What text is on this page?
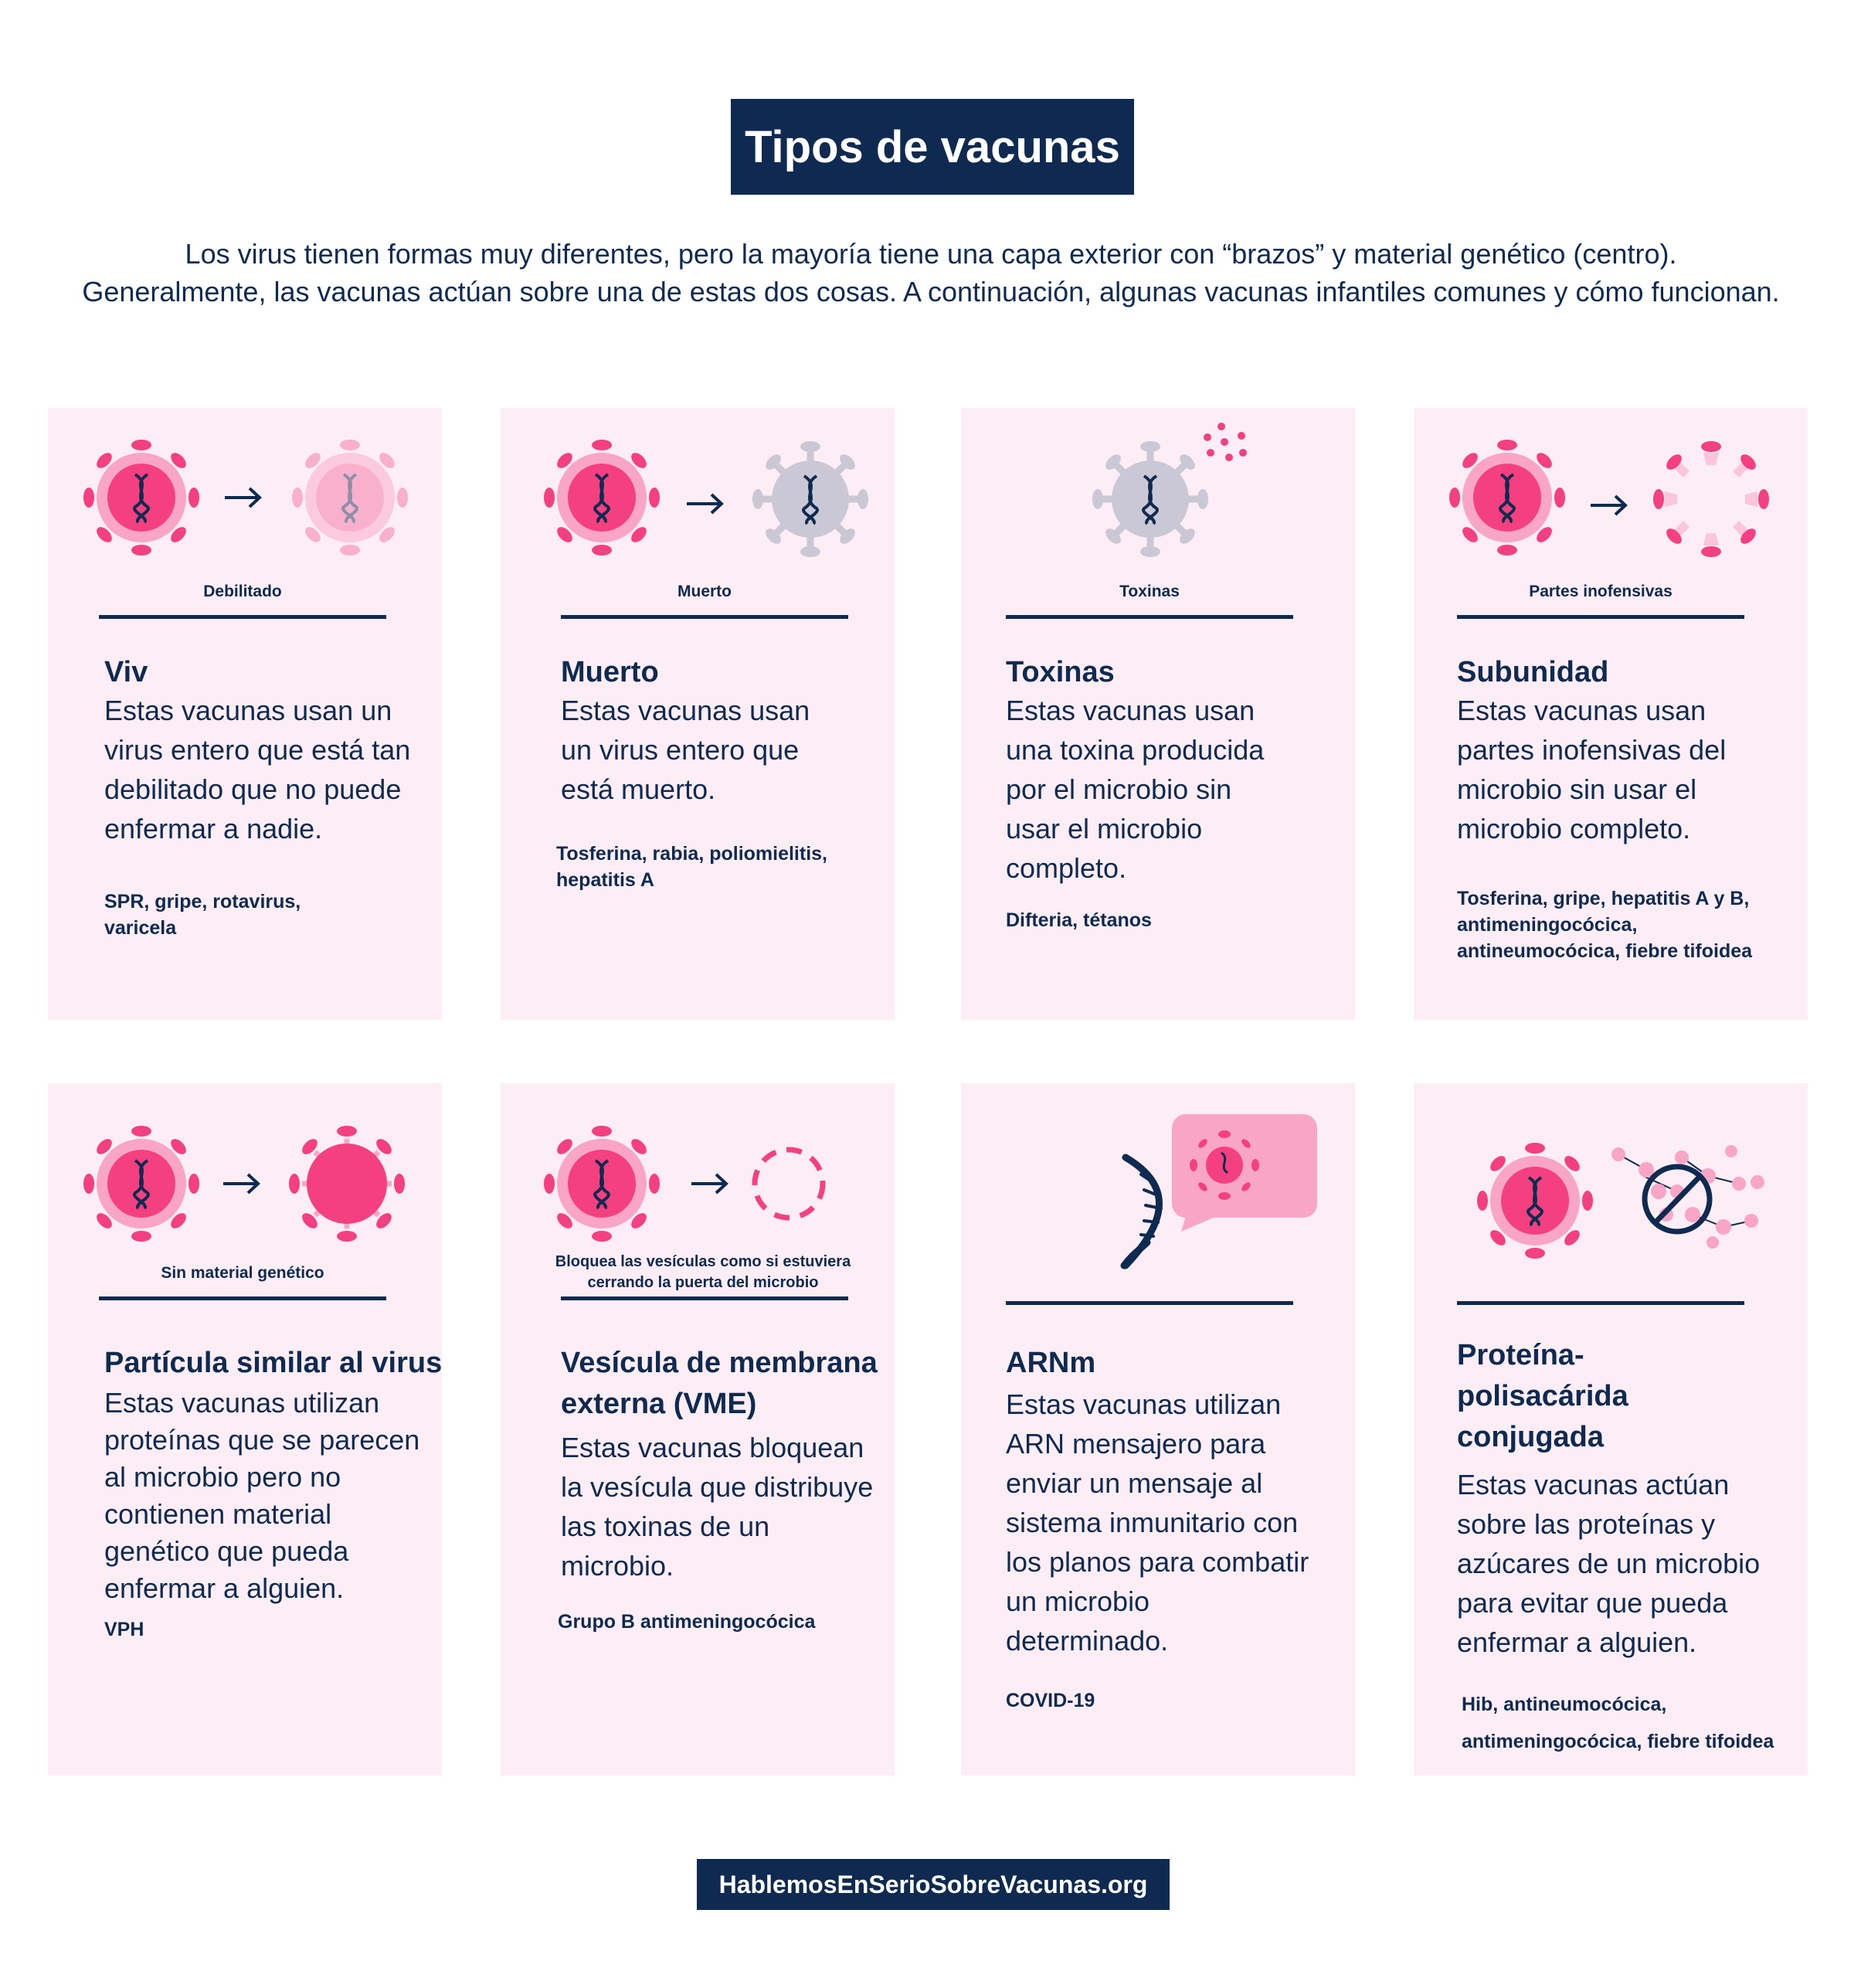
Tipos de vacunas
Los virus tienen formas muy diferentes, pero la mayoría tiene una capa exterior con “brazos” y material genético (centro).
Generalmente, las vacunas actúan sobre una de estas dos cosas. A continuación, algunas vacunas infantiles comunes y cómo funcionan.
Debilitado
Viv
Estas vacunas usan un virus entero que está tan debilitado que no puede enfermar a nadie.
SPR, gripe, rotavirus, varicela
Muerto
Muerto
Estas vacunas usan un virus entero que está muerto.
Tosferina, rabia, poliomielitis, hepatitis A
Toxinas
Toxinas
Estas vacunas usan una toxina producida por el microbio sin usar el microbio completo.
Difteria, tétanos
Partes inofensivas
Subunidad
Estas vacunas usan partes inofensivas del microbio sin usar el microbio completo.
Tosferina, gripe, hepatitis A y B, antimeningocócica, antineumocócica, fiebre tifoidea
Sin material genético
Partícula similar al virus
Estas vacunas utilizan proteínas que se parecen al microbio pero no contienen material genético que pueda enfermar a alguien.
VPH
Bloquea las vesículas como si estuviera cerrando la puerta del microbio
Vesícula de membrana externa (VME)
Estas vacunas bloquean la vesícula que distribuye las toxinas de un microbio.
Grupo B antimeningocócica
ARNm
Estas vacunas utilizan ARN mensajero para enviar un mensaje al sistema inmunitario con los planos para combatir un microbio determinado.
COVID-19
Proteína-polisacárida conjugada
Estas vacunas actúan sobre las proteínas y azúcares de un microbio para evitar que pueda enfermar a alguien.
Hib, antineumocócica, antimeningocócica, fiebre tifoidea
HablemosEnSerioSobreVacunas.org
